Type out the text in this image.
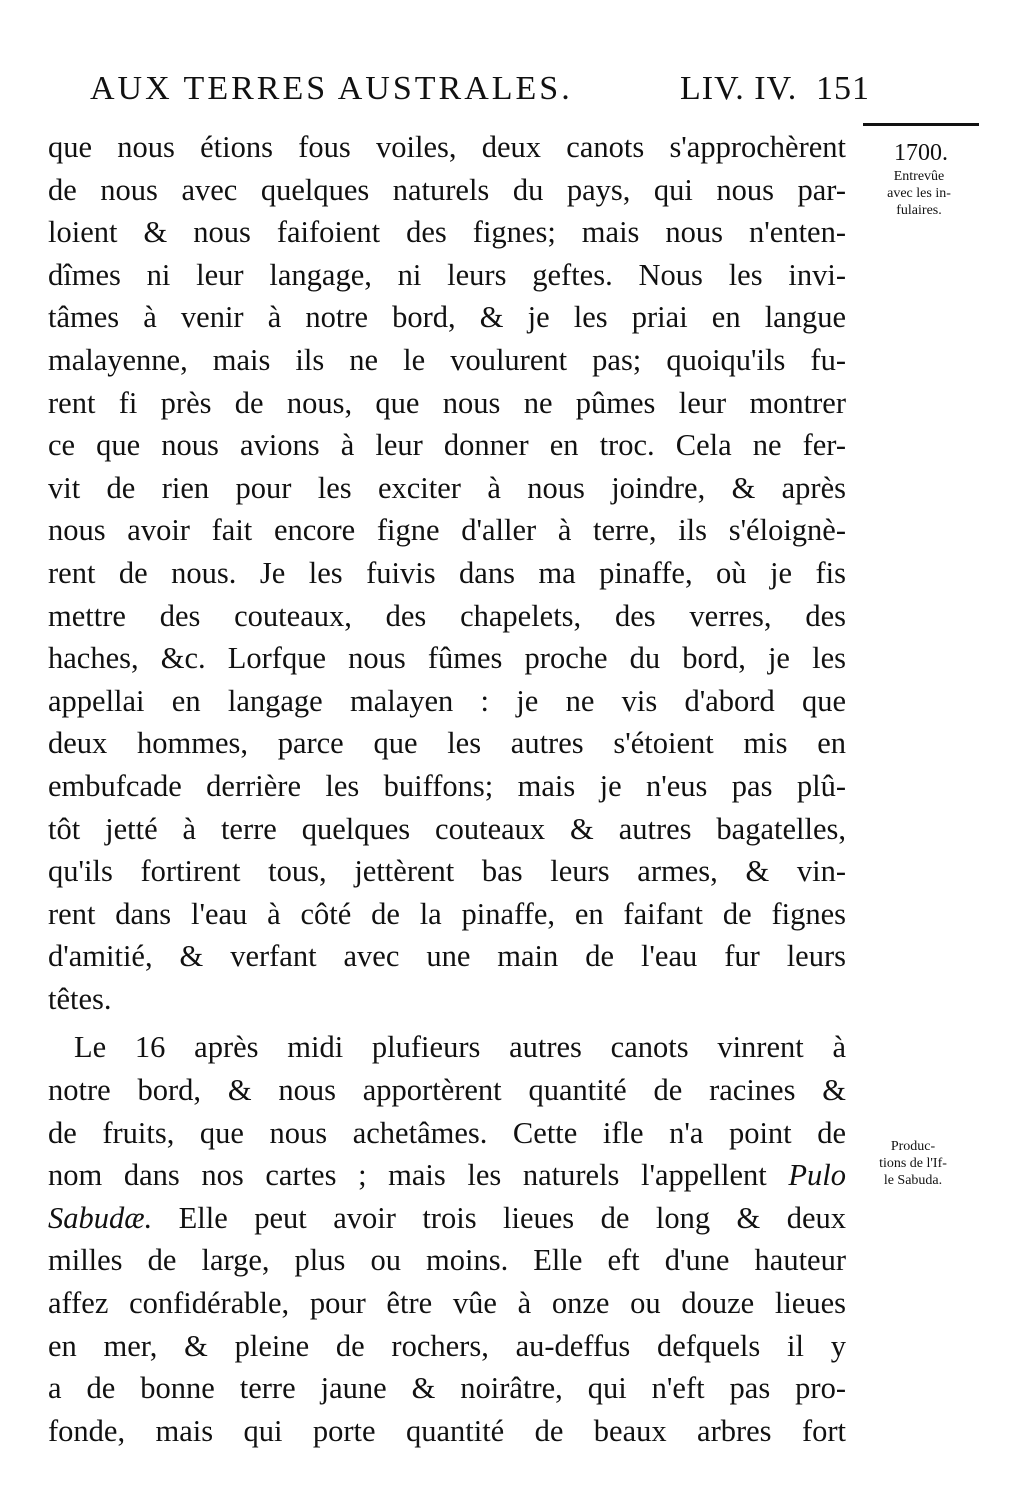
AUX TERRES AUSTRALES.	LIV. IV. 151
1700.
Entrevûe
avec les in-
fulaires.
Produc-
tions de l'If-
le Sabuda.
que nous étions fous voiles, deux canots s'approchèrent
de nous avec quelques naturels du pays, qui nous par-
loient & nous faifoient des fignes; mais nous n'enten-
dîmes ni leur langage, ni leurs geftes. Nous les invi-
tâmes à venir à notre bord, & je les priai en langue
malayenne, mais ils ne le voulurent pas; quoiqu'ils fu-
rent fi près de nous, que nous ne pûmes leur montrer
ce que nous avions à leur donner en troc. Cela ne fer-
vit de rien pour les exciter à nous joindre, & après
nous avoir fait encore figne d'aller à terre, ils s'éloignè-
rent de nous. Je les fuivis dans ma pinaffe, où je fis
mettre des couteaux, des chapelets, des verres, des
haches, &c. Lorfque nous fûmes proche du bord, je les
appellai en langage malayen : je ne vis d'abord que
deux hommes, parce que les autres s'étoient mis en
embufcade derrière les buiffons; mais je n'eus pas plû-
tôt jetté à terre quelques couteaux & autres bagatelles,
qu'ils fortirent tous, jettèrent bas leurs armes, & vin-
rent dans l'eau à côté de la pinaffe, en faifant de fignes
d'amitié, & verfant avec une main de l'eau fur leurs
têtes.
Le 16 après midi plufieurs autres canots vinrent à
notre bord, & nous apportèrent quantité de racines &
de fruits, que nous achetâmes. Cette ifle n'a point de
nom dans nos cartes ; mais les naturels l'appellent Pulo
Sabudæ. Elle peut avoir trois lieues de long & deux
milles de large, plus ou moins. Elle eft d'une hauteur
affez confidérable, pour être vûe à onze ou douze lieues
en mer, & pleine de rochers, au-deffus defquels il y
a de bonne terre jaune & noirâtre, qui n'eft pas pro-
fonde, mais qui porte quantité de beaux arbres fort
